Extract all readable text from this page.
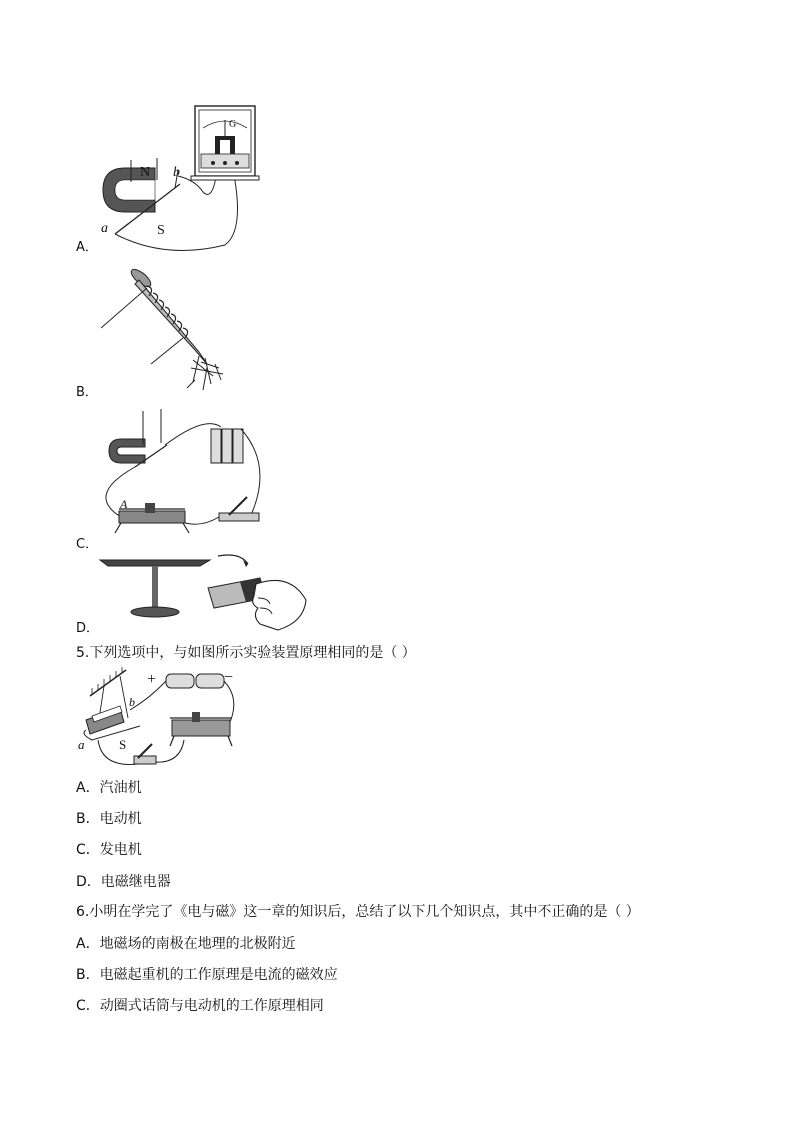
N b
a	S
G
A．
B．
A
C．
D．
5.下列选项中，与如图所示实验装置原理相同的是（ ）
+	−
b
a	S
A．汽油机
B．电动机
C．发电机
D．电磁继电器
6.小明在学完了《电与磁》这一章的知识后，总结了以下几个知识点，其中不正确的是（ ）
A．地磁场的南极在地理的北极附近
B．电磁起重机的工作原理是电流的磁效应
C．动圈式话筒与电动机的工作原理相同
